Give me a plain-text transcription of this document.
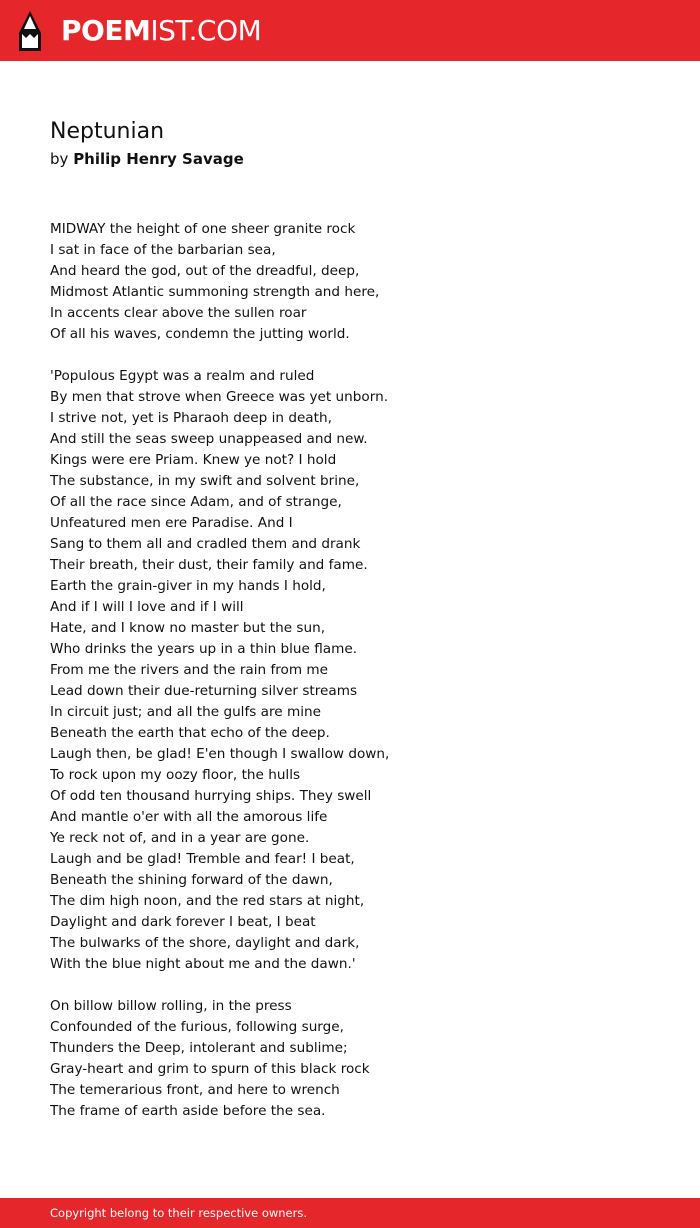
POEMIST.COM
Neptunian
by Philip Henry Savage
MIDWAY the height of one sheer granite rock
I sat in face of the barbarian sea,
And heard the god, out of the dreadful, deep,
Midmost Atlantic summoning strength and here,
In accents clear above the sullen roar
Of all his waves, condemn the jutting world.
'Populous Egypt was a realm and ruled
By men that strove when Greece was yet unborn.
I strive not, yet is Pharaoh deep in death,
And still the seas sweep unappeased and new.
Kings were ere Priam. Knew ye not? I hold
The substance, in my swift and solvent brine,
Of all the race since Adam, and of strange,
Unfeatured men ere Paradise. And I
Sang to them all and cradled them and drank
Their breath, their dust, their family and fame.
Earth the grain-giver in my hands I hold,
And if I will I love and if I will
Hate, and I know no master but the sun,
Who drinks the years up in a thin blue flame.
From me the rivers and the rain from me
Lead down their due-returning silver streams
In circuit just; and all the gulfs are mine
Beneath the earth that echo of the deep.
Laugh then, be glad! E'en though I swallow down,
To rock upon my oozy floor, the hulls
Of odd ten thousand hurrying ships. They swell
And mantle o'er with all the amorous life
Ye reck not of, and in a year are gone.
Laugh and be glad! Tremble and fear! I beat,
Beneath the shining forward of the dawn,
The dim high noon, and the red stars at night,
Daylight and dark forever I beat, I beat
The bulwarks of the shore, daylight and dark,
With the blue night about me and the dawn.'
On billow billow rolling, in the press
Confounded of the furious, following surge,
Thunders the Deep, intolerant and sublime;
Gray-heart and grim to spurn of this black rock
The temerarious front, and here to wrench
The frame of earth aside before the sea.
Copyright belong to their respective owners.
